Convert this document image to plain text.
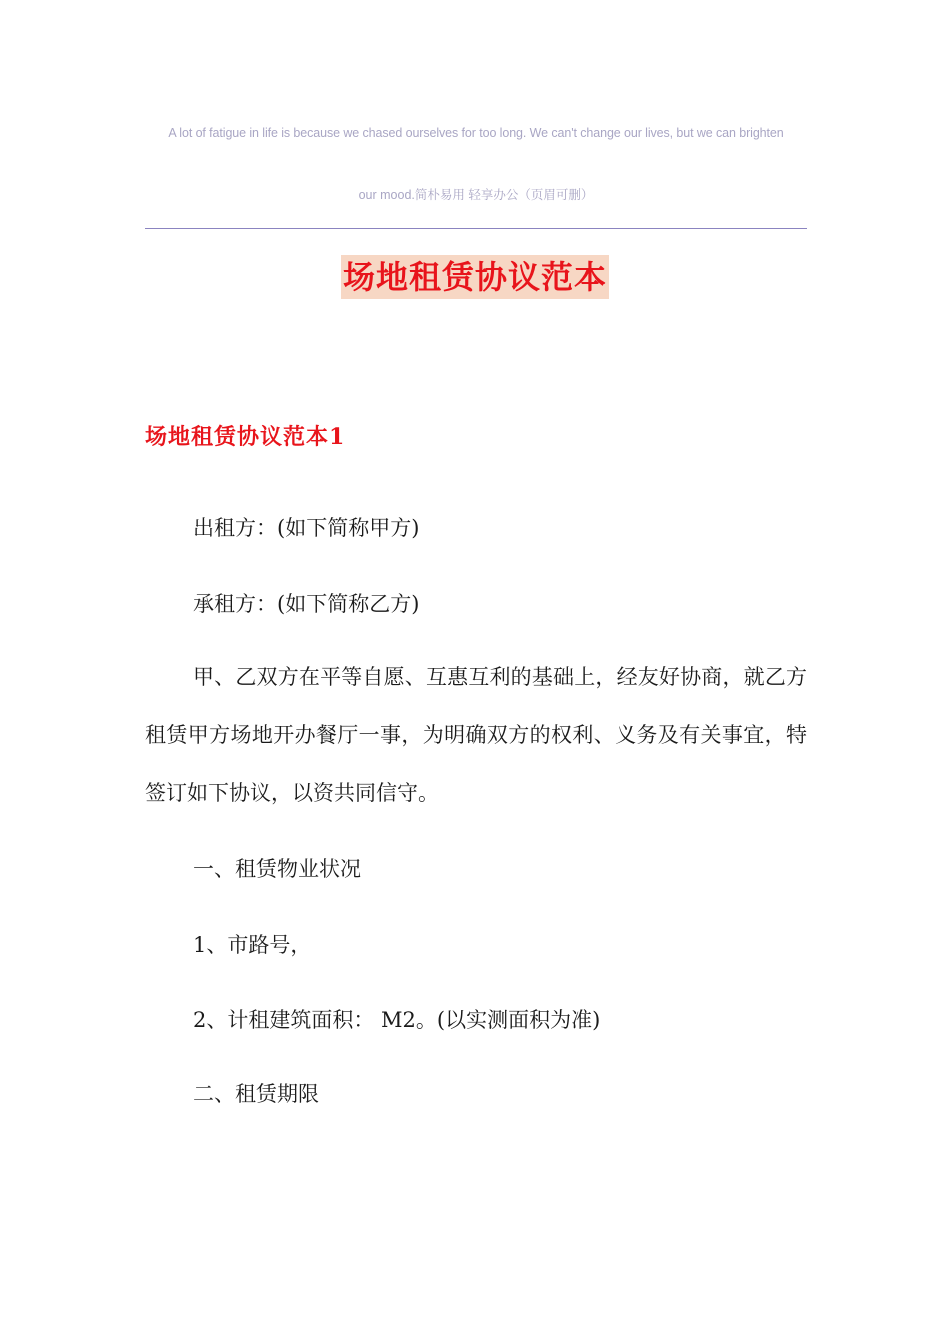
A lot of fatigue in life is because we chased ourselves for too long. We can't change our lives, but we can brighten
our mood.简朴易用 轻享办公（页眉可删）
场地租赁协议范本
场地租赁协议范本1
出租方：(如下简称甲方)
承租方：(如下简称乙方)
甲、乙双方在平等自愿、互惠互利的基础上，经友好协商，就乙方租赁甲方场地开办餐厅一事，为明确双方的权利、义务及有关事宜，特签订如下协议，以资共同信守。
一、租赁物业状况
1、市路号，
2、计租建筑面积： M2。(以实测面积为准)
二、租赁期限
